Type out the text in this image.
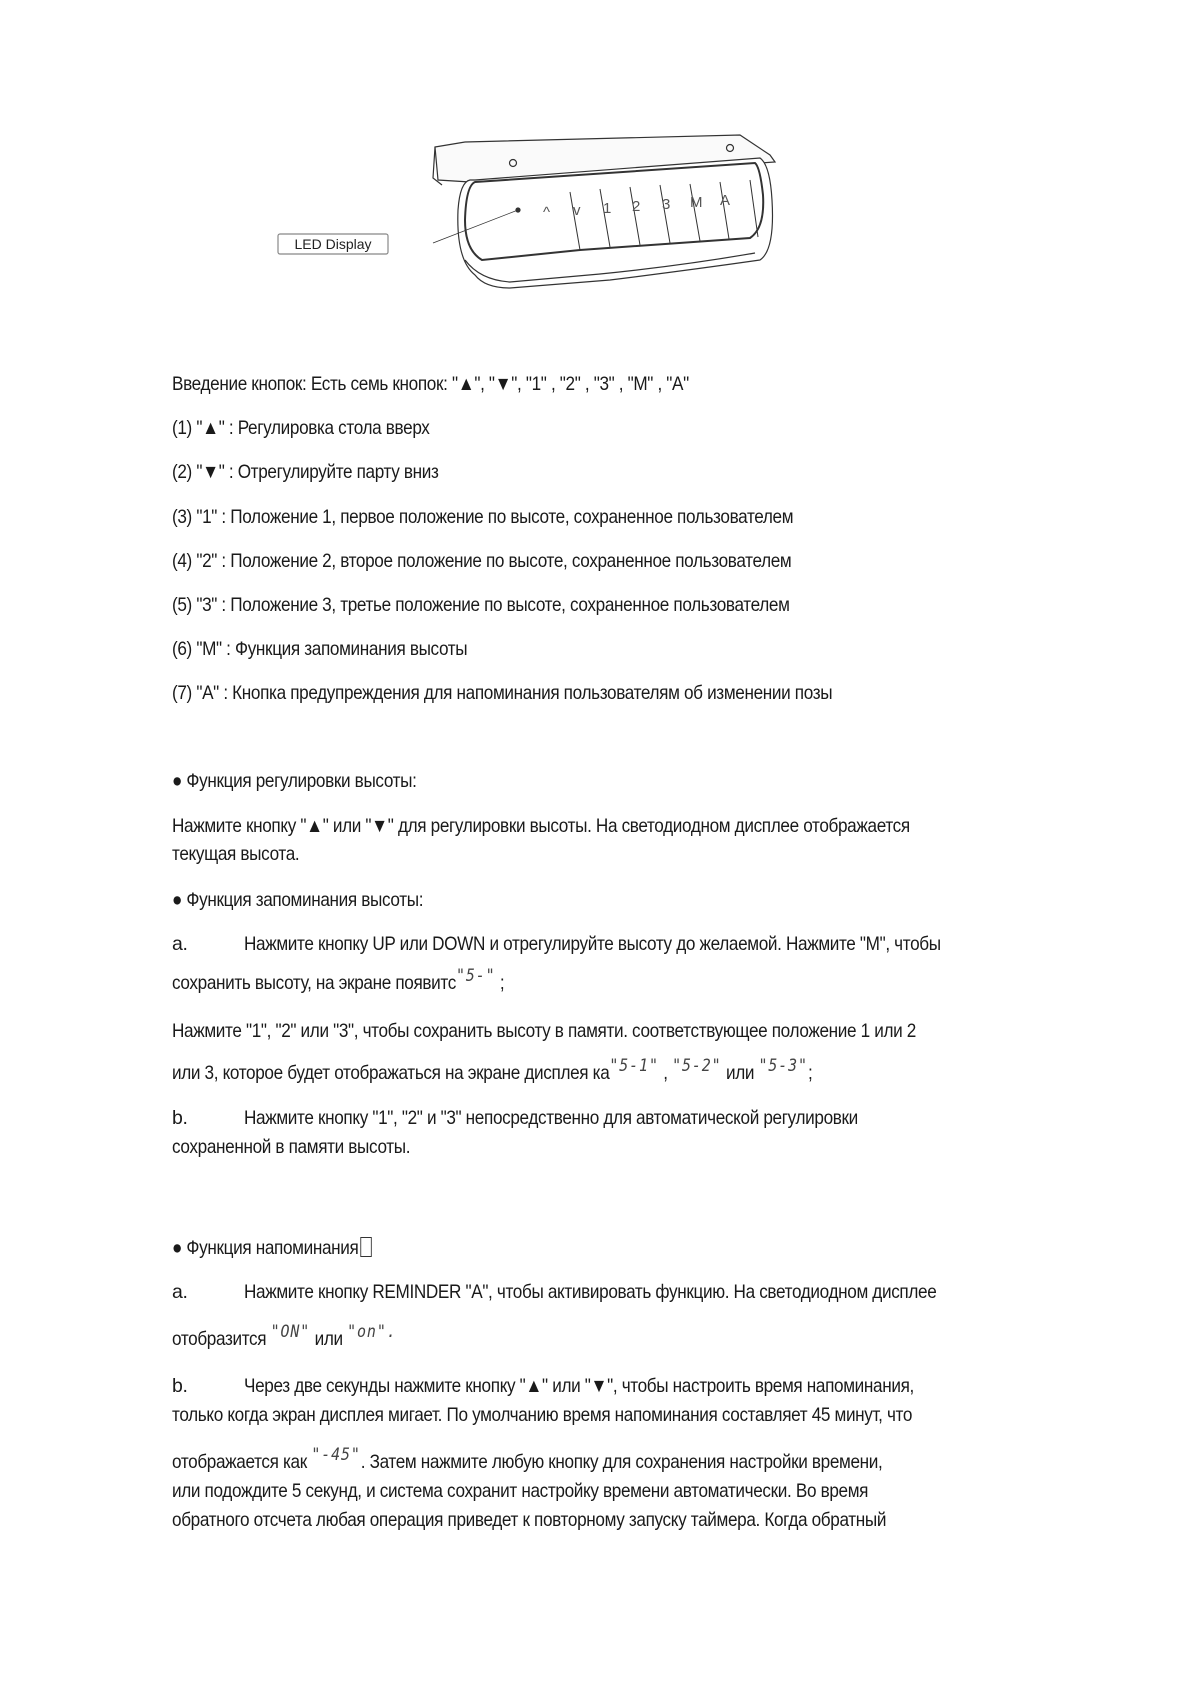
LED Display
^ v 1 2 3 M A
Введение кнопок: Есть семь кнопок: "▲", "▼", "1" , "2" , "3" , "M" , "A"
(1) "▲" : Регулировка стола вверх
(2) "▼" : Отрегулируйте парту вниз
(3) "1" : Положение 1, первое положение по высоте, сохраненное пользователем
(4) "2" : Положение 2, второе положение по высоте, сохраненное пользователем
(5) "3" : Положение 3, третье положение по высоте, сохраненное пользователем
(6) "M" : Функция запоминания высоты
(7) "A" : Кнопка предупреждения для напоминания пользователям об изменении позы
● Функция регулировки высоты:
Нажмите кнопку "▲" или "▼" для регулировки высоты. На светодиодном дисплее отображается
текущая высота.
● Функция запоминания высоты:
a.	Нажмите кнопку UP или DOWN и отрегулируйте высоту до желаемой. Нажмите "M", чтобы
сохранить высоту, на экране появитс"5-" ;
Нажмите "1", "2" или "3", чтобы сохранить высоту в памяти. соответствующее положение 1 или 2
или 3, которое будет отображаться на экране дисплея ка"5-1" , "5-2" или "5-3";
b.	Нажмите кнопку "1", "2" и "3" непосредственно для автоматической регулировки
сохраненной в памяти высоты.
● Функция напоминания
a.	Нажмите кнопку REMINDER "A", чтобы активировать функцию. На светодиодном дисплее
отобразится "ON" или "on".
b.	Через две секунды нажмите кнопку "▲" или "▼", чтобы настроить время напоминания,
только когда экран дисплея мигает. По умолчанию время напоминания составляет 45 минут, что
отображается как "-45". Затем нажмите любую кнопку для сохранения настройки времени,
или подождите 5 секунд, и система сохранит настройку времени автоматически. Во время
обратного отсчета любая операция приведет к повторному запуску таймера. Когда обратный
